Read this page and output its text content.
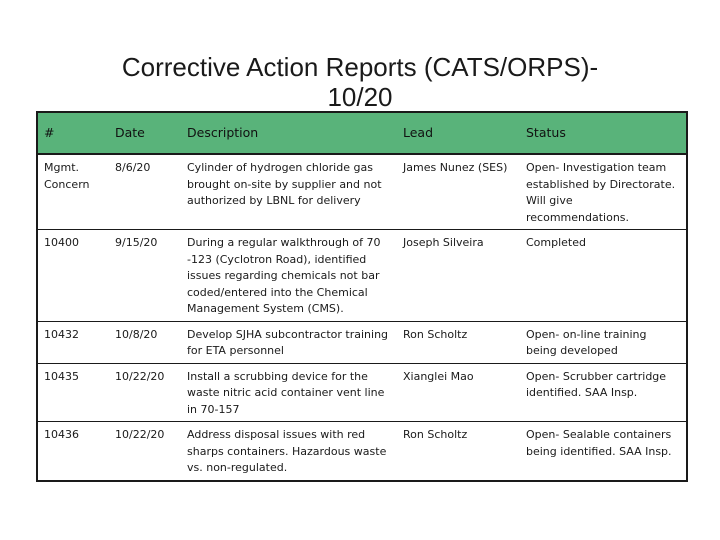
Corrective Action Reports (CATS/ORPS)-
10/20
#	Date	Description	Lead	Status
Mgmt. Concern	8/6/20	Cylinder of hydrogen chloride gas brought on-site by supplier and not authorized by LBNL for delivery	James Nunez (SES)	Open- Investigation team established by Directorate. Will give recommendations.
10400	9/15/20	During a regular walkthrough of 70 -123 (Cyclotron Road), identified issues regarding chemicals not bar coded/entered into the Chemical Management System (CMS).	Joseph Silveira	Completed
10432	10/8/20	Develop SJHA subcontractor training for ETA personnel	Ron Scholtz	Open- on-line training being developed
10435	10/22/20	Install a scrubbing device for the waste nitric acid container vent line in 70-157	Xianglei Mao	Open- Scrubber cartridge identified. SAA Insp.
10436	10/22/20	Address disposal issues with red sharps containers. Hazardous waste vs. non-regulated.	Ron Scholtz	Open- Sealable containers being identified. SAA Insp.
